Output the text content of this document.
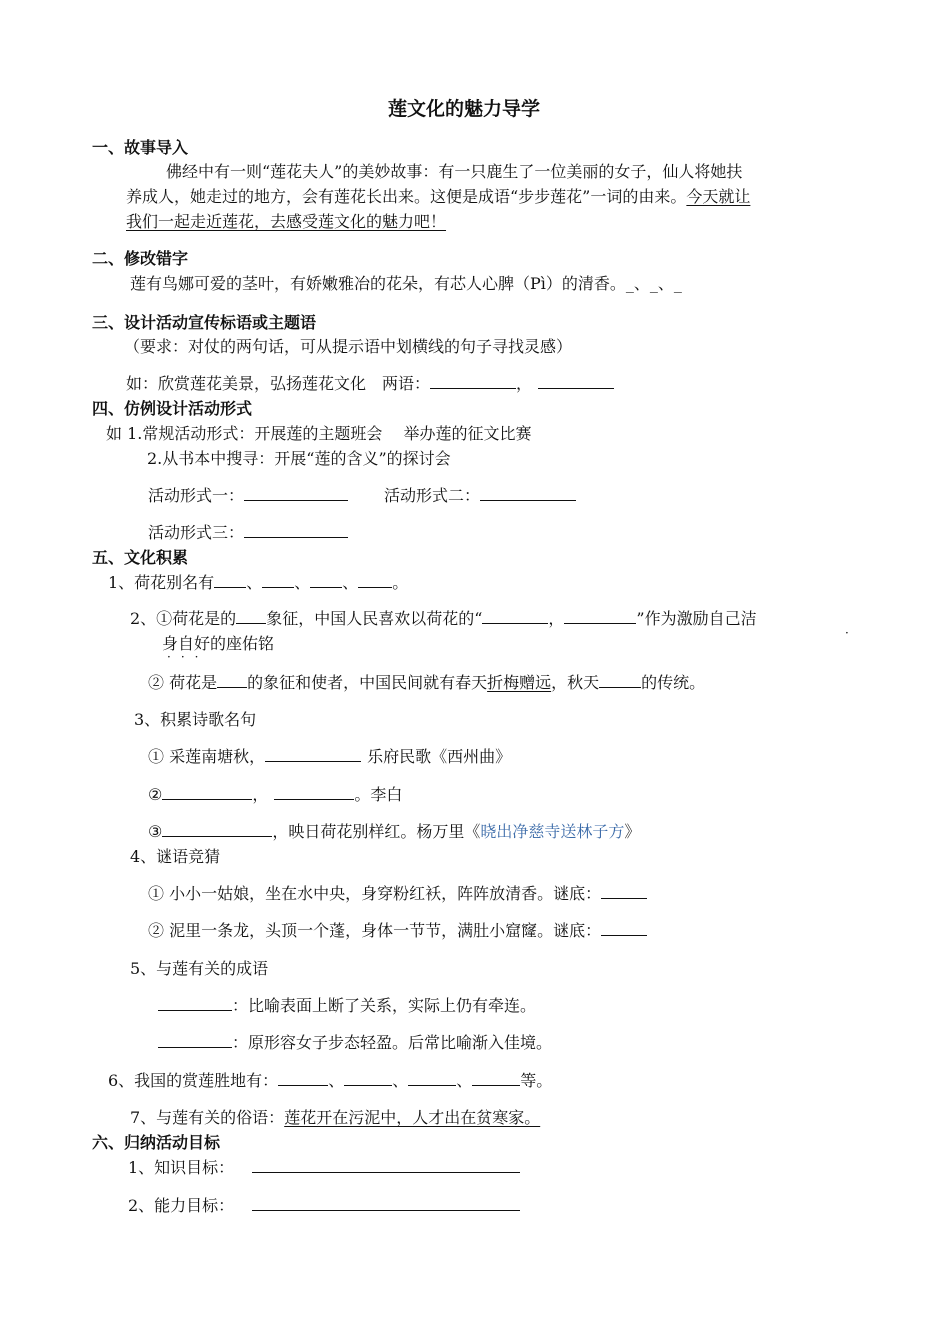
莲文化的魅力导学
一、故事导入
佛经中有一则“莲花夫人”的美妙故事：有一只鹿生了一位美丽的女子，仙人将她扶
养成人，她走过的地方，会有莲花长出来。这便是成语“步步莲花”一词的由来。今天就让
我们一起走近莲花，去感受莲文化的魅力吧！
二、修改错字
莲有鸟娜可爱的茎叶，有娇嫩雅冶的花朵，有芯人心脾（Pì）的清香。_、_、_
三、设计活动宣传标语或主题语
（要求：对仗的两句话，可从提示语中划横线的句子寻找灵感）
如：欣赏莲花美景，弘扬莲花文化　两语：	，
四、仿例设计活动形式
如 1.常规活动形式：开展莲的主题班会　 举办莲的征文比赛
2.从书本中搜寻：开展“莲的含义”的探讨会
活动形式一：	活动形式二：
活动形式三：
五、文化积累
1、荷花别名有 、 、 、 。
2、①荷花是的 象征，中国人民喜欢以荷花的“	，	”作为激励自己洁
·
身自好的座佑铭
···
② 荷花是 的象征和使者，中国民间就有春天折梅赠远，秋天	的传统。
3、积累诗歌名句
① 采莲南塘秋，	乐府民歌《西州曲》
②	，	。李白
③	，映日荷花别样红。杨万里《晓出净慈寺送林子方》
4、谜语竞猜
① 小小一姑娘，坐在水中央，身穿粉红袄，阵阵放清香。谜底：
② 泥里一条龙，头顶一个蓬，身体一节节，满肚小窟窿。谜底：
5、与莲有关的成语
：比喻表面上断了关系，实际上仍有牵连。
：原形容女子步态轻盈。后常比喻渐入佳境。
6、我国的赏莲胜地有：	、	、	、	等。
7、与莲有关的俗语：莲花开在污泥中，人才出在贫寒家。
六、归纳活动目标
1、知识目标：
2、能力目标：
